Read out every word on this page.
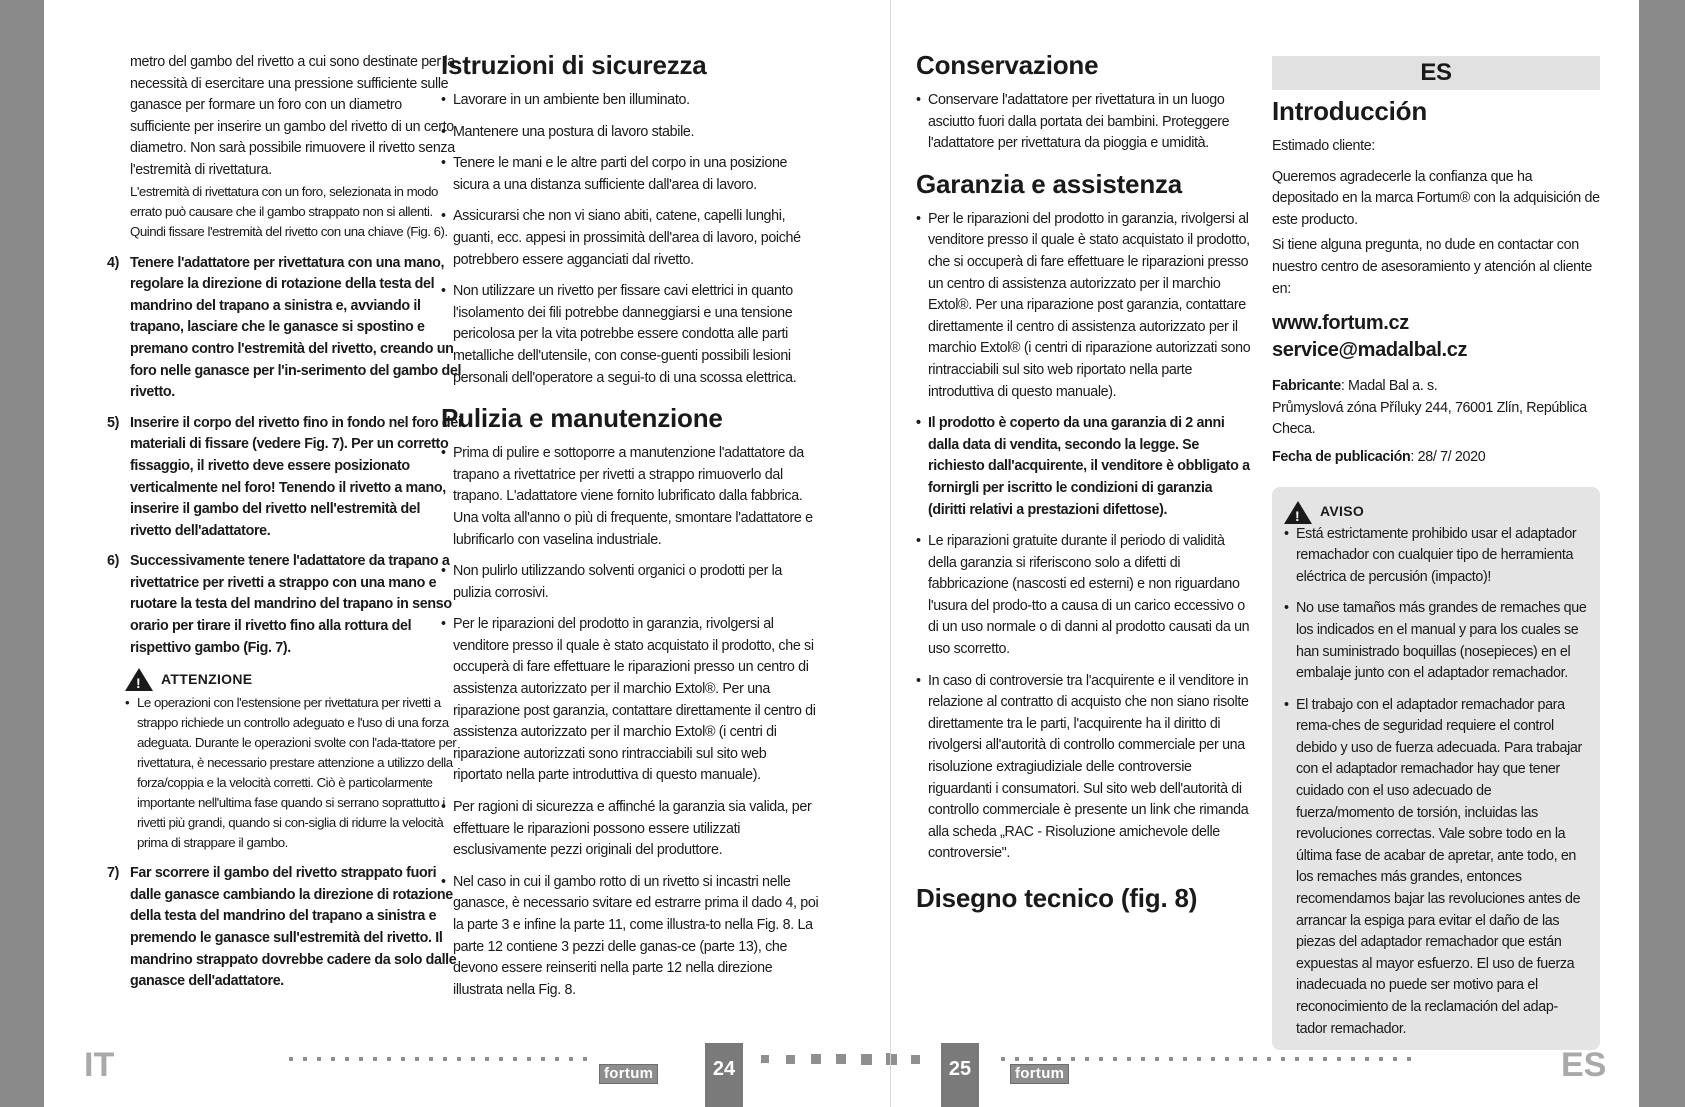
metro del gambo del rivetto a cui sono destinate per la necessità di esercitare una pressione sufficiente sulle ganasce per formare un foro con un diametro sufficiente per inserire un gambo del rivetto di un certo diametro. Non sarà possibile rimuovere il rivetto senza l'estremità di rivettatura.

L'estremità di rivettatura con un foro, selezionata in modo errato può causare che il gambo strappato non si allenti. Quindi fissare l'estremità del rivetto con una chiave (Fig. 6).

4) Tenere l'adattatore per rivettatura con una mano, regolare la direzione di rotazione della testa del mandrino del trapano a sinistra e, avviando il trapano, lasciare che le ganasce si spostino e premano contro l'estremità del rivetto, creando un foro nelle ganasce per l'in-serimento del gambo del rivetto.
5) Inserire il corpo del rivetto fino in fondo nel foro dei materiali di fissare (vedere Fig. 7). Per un corretto fissaggio, il rivetto deve essere posizionato verticalmente nel foro! Tenendo il rivetto a mano, inserire il gambo del rivetto nell'estremità del rivetto dell'adattatore.
6) Successivamente tenere l'adattatore da trapano a rivettatrice per rivetti a strappo con una mano e ruotare la testa del mandrino del trapano in senso orario per tirare il rivetto fino alla rottura del rispettivo gambo (Fig. 7).
!
ATTENZIONE
• Le operazioni con l'estensione per rivettatura per rivetti a strappo richiede un controllo adeguato e l'uso di una forza adeguata. Durante le operazioni svolte con l'ada-ttatore per rivettatura, è necessario prestare attenzione a utilizzo della forza/coppia e la velocità corretti. Ciò è particolarmente importante nell'ultima fase quando si serrano soprattutto i rivetti più grandi, quando si con-siglia di ridurre la velocità prima di strappare il gambo.
7) Far scorrere il gambo del rivetto strappato fuori dalle ganasce cambiando la direzione di rotazione della testa del mandrino del trapano a sinistra e premendo le ganasce sull'estremità del rivetto. Il mandrino strappato dovrebbe cadere da solo dalle ganasce dell'adattatore.
Istruzioni di sicurezza
• Lavorare in un ambiente ben illuminato.
• Mantenere una postura di lavoro stabile.
• Tenere le mani e le altre parti del corpo in una posizione sicura a una distanza sufficiente dall'area di lavoro.
• Assicurarsi che non vi siano abiti, catene, capelli lunghi, guanti, ecc. appesi in prossimità dell'area di lavoro, poiché potrebbero essere agganciati dal rivetto.
• Non utilizzare un rivetto per fissare cavi elettrici in quanto l'isolamento dei fili potrebbe danneggiarsi e una tensione pericolosa per la vita potrebbe essere condotta alle parti metalliche dell'utensile, con conse-guenti possibili lesioni personali dell'operatore a segui-to di una scossa elettrica.
Pulizia e manutenzione
• Prima di pulire e sottoporre a manutenzione l'adattatore da trapano a rivettatrice per rivetti a strappo rimuoverlo dal trapano. L'adattatore viene fornito lubrificato dalla fabbrica. Una volta all'anno o più di frequente, smontare l'adattatore e lubrificarlo con vaselina industriale.
• Non pulirlo utilizzando solventi organici o prodotti per la pulizia corrosivi.
• Per le riparazioni del prodotto in garanzia, rivolgersi al venditore presso il quale è stato acquistato il prodotto, che si occuperà di fare effettuare le riparazioni presso un centro di assistenza autorizzato per il marchio Extol®. Per una riparazione post garanzia, contattare direttamente il centro di assistenza autorizzato per il marchio Extol® (i centri di riparazione autorizzati sono rintracciabili sul sito web riportato nella parte introduttiva di questo manuale).
• Per ragioni di sicurezza e affinché la garanzia sia valida, per effettuare le riparazioni possono essere utilizzati esclusivamente pezzi originali del produttore.
• Nel caso in cui il gambo rotto di un rivetto si incastri nelle ganasce, è necessario svitare ed estrarre prima il dado 4, poi la parte 3 e infine la parte 11, come illustra-to nella Fig. 8. La parte 12 contiene 3 pezzi delle ganas-ce (parte 13), che devono essere reinseriti nella parte 12 nella direzione illustrata nella Fig. 8.
IT	fortum	24
Conservazione
• Conservare l'adattatore per rivettatura in un luogo asciutto fuori dalla portata dei bambini. Proteggere l'adattatore per rivettatura da pioggia e umidità.
Garanzia e assistenza
• Per le riparazioni del prodotto in garanzia, rivolgersi al venditore presso il quale è stato acquistato il prodotto, che si occuperà di fare effettuare le riparazioni presso un centro di assistenza autorizzato per il marchio Extol®. Per una riparazione post garanzia, contattare direttamente il centro di assistenza autorizzato per il marchio Extol® (i centri di riparazione autorizzati sono rintracciabili sul sito web riportato nella parte introduttiva di questo manuale).
• Il prodotto è coperto da una garanzia di 2 anni dalla data di vendita, secondo la legge. Se richiesto dall'acquirente, il venditore è obbligato a fornirgli per iscritto le condizioni di garanzia (diritti relativi a prestazioni difettose).
• Le riparazioni gratuite durante il periodo di validità della garanzia si riferiscono solo a difetti di fabbricazione (nascosti ed esterni) e non riguardano l'usura del prodo-tto a causa di un carico eccessivo o di un uso normale o di danni al prodotto causati da un uso scorretto.
• In caso di controversie tra l'acquirente e il venditore in relazione al contratto di acquisto che non siano risolte direttamente tra le parti, l'acquirente ha il diritto di rivolgersi all'autorità di controllo commerciale per una risoluzione extragiudiziale delle controversie riguardanti i consumatori. Sul sito web dell'autorità di controllo commerciale è presente un link che rimanda alla scheda „RAC - Risoluzione amichevole delle controversie".
Disegno tecnico (fig. 8)
ES
Introducción

Estimado cliente:

Queremos agradecerle la confianza que ha depositado en la marca Fortum® con la adquisición de este producto.

Si tiene alguna pregunta, no dude en contactar con nuestro centro de asesoramiento y atención al cliente en:

www.fortum.cz
service@madalbal.cz

Fabricante: Madal Bal a. s.

Průmyslová zóna Příluky 244, 76001 Zlín, República Checa.

Fecha de publicación: 28/ 7/ 2020

!
AVISO
• Está estrictamente prohibido usar el adaptador remachador con cualquier tipo de herramienta eléctrica de percusión (impacto)!
• No use tamaños más grandes de remaches que los indicados en el manual y para los cuales se han suministrado boquillas (nosepieces) en el embalaje junto con el adaptador remachador.
• El trabajo con el adaptador remachador para rema-ches de seguridad requiere el control debido y uso de fuerza adecuada. Para trabajar con el adaptador remachador hay que tener cuidado con el uso adecuado de fuerza/momento de torsión, incluidas las revoluciones correctas. Vale sobre todo en la última fase de acabar de apretar, ante todo, en los remaches más grandes, entonces recomendamos bajar las revoluciones antes de arrancar la espiga para evitar el daño de las piezas del adaptador remachador que están expuestas al mayor esfuerzo. El uso de fuerza inadecuada no puede ser motivo para el reconocimiento de la reclamación del adap-tador remachador.
25	fortum	ES
